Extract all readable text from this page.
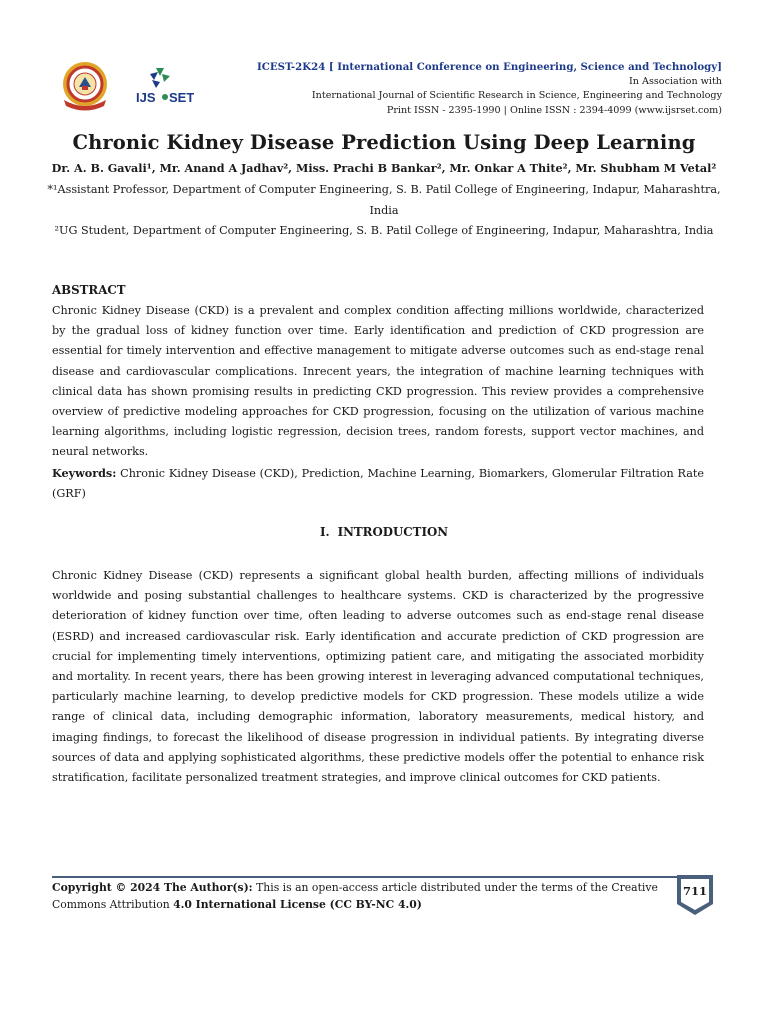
IJS SET
ICEST-2K24 [ International Conference on Engineering, Science and Technology]
In Association with
International Journal of Scientific Research in Science, Engineering and Technology
Print ISSN - 2395-1990 | Online ISSN : 2394-4099 (www.ijsrset.com)
Chronic Kidney Disease Prediction Using Deep Learning
Dr. A. B. Gavali¹, Mr. Anand A Jadhav², Miss. Prachi B Bankar², Mr. Onkar A Thite², Mr. Shubham M Vetal²
*¹Assistant Professor, Department of Computer Engineering, S. B. Patil College of Engineering, Indapur, Maharashtra, India
²UG Student, Department of Computer Engineering, S. B. Patil College of Engineering, Indapur, Maharashtra, India
ABSTRACT

Chronic Kidney Disease (CKD) is a prevalent and complex condition affecting millions worldwide, characterized by the gradual loss of kidney function over time. Early identification and prediction of CKD progression are essential for timely intervention and effective management to mitigate adverse outcomes such as end-stage renal disease and cardiovascular complications. Inrecent years, the integration of machine learning techniques with clinical data has shown promising results in predicting CKD progression. This review provides a comprehensive overview of predictive modeling approaches for CKD progression, focusing on the utilization of various machine learning algorithms, including logistic regression, decision trees, random forests, support vector machines, and neural networks.

Keywords: Chronic Kidney Disease (CKD), Prediction, Machine Learning, Biomarkers, Glomerular Filtration Rate (GRF)

I. INTRODUCTION

Chronic Kidney Disease (CKD) represents a significant global health burden, affecting millions of individuals worldwide and posing substantial challenges to healthcare systems. CKD is characterized by the progressive deterioration of kidney function over time, often leading to adverse outcomes such as end-stage renal disease (ESRD) and increased cardiovascular risk. Early identification and accurate prediction of CKD progression are crucial for implementing timely interventions, optimizing patient care, and mitigating the associated morbidity and mortality. In recent years, there has been growing interest in leveraging advanced computational techniques, particularly machine learning, to develop predictive models for CKD progression. These models utilize a wide range of clinical data, including demographic information, laboratory measurements, medical history, and imaging findings, to forecast the likelihood of disease progression in individual patients. By integrating diverse sources of data and applying sophisticated algorithms, these predictive models offer the potential to enhance risk stratification, facilitate personalized treatment strategies, and improve clinical outcomes for CKD patients.

Copyright © 2024 The Author(s): This is an open-access article distributed under the terms of the Creative Commons Attribution 4.0 International License (CC BY-NC 4.0)
711
